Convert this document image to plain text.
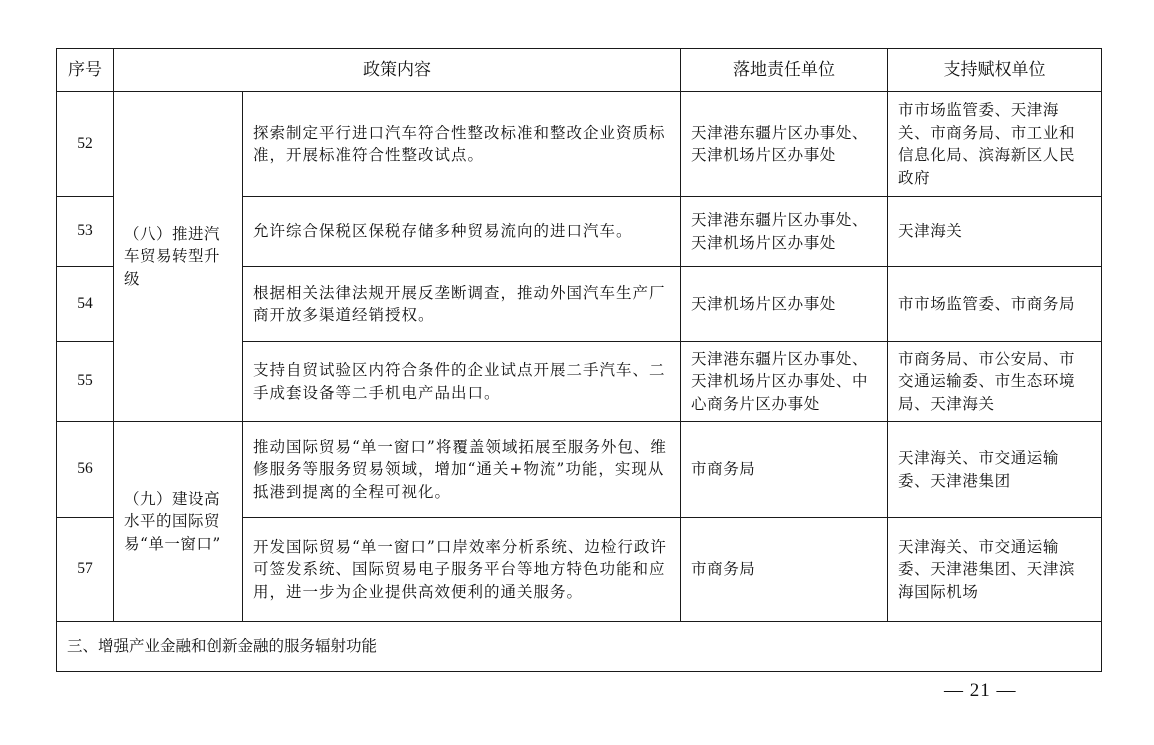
序号	政策内容		落地责任单位	支持赋权单位
52	（八）推进汽车贸易转型升级	探索制定平行进口汽车符合性整改标准和整改企业资质标准，开展标准符合性整改试点。	天津港东疆片区办事处、天津机场片区办事处	市市场监管委、天津海关、市商务局、市工业和信息化局、滨海新区人民政府
53		允许综合保税区保税存储多种贸易流向的进口汽车。	天津港东疆片区办事处、天津机场片区办事处	天津海关
54		根据相关法律法规开展反垄断调查，推动外国汽车生产厂商开放多渠道经销授权。	天津机场片区办事处	市市场监管委、市商务局
55		支持自贸试验区内符合条件的企业试点开展二手汽车、二手成套设备等二手机电产品出口。	天津港东疆片区办事处、天津机场片区办事处、中心商务片区办事处	市商务局、市公安局、市交通运输委、市生态环境局、天津海关
56	（九）建设高水平的国际贸易“单一窗口”	推动国际贸易“单一窗口”将覆盖领域拓展至服务外包、维修服务等服务贸易领域，增加“通关+物流”功能，实现从抵港到提离的全程可视化。	市商务局	天津海关、市交通运输委、天津港集团
57		开发国际贸易“单一窗口”口岸效率分析系统、边检行政许可签发系统、国际贸易电子服务平台等地方特色功能和应用，进一步为企业提供高效便利的通关服务。	市商务局	天津海关、市交通运输委、天津港集团、天津滨海国际机场
三、增强产业金融和创新金融的服务辐射功能				
— 21 —
